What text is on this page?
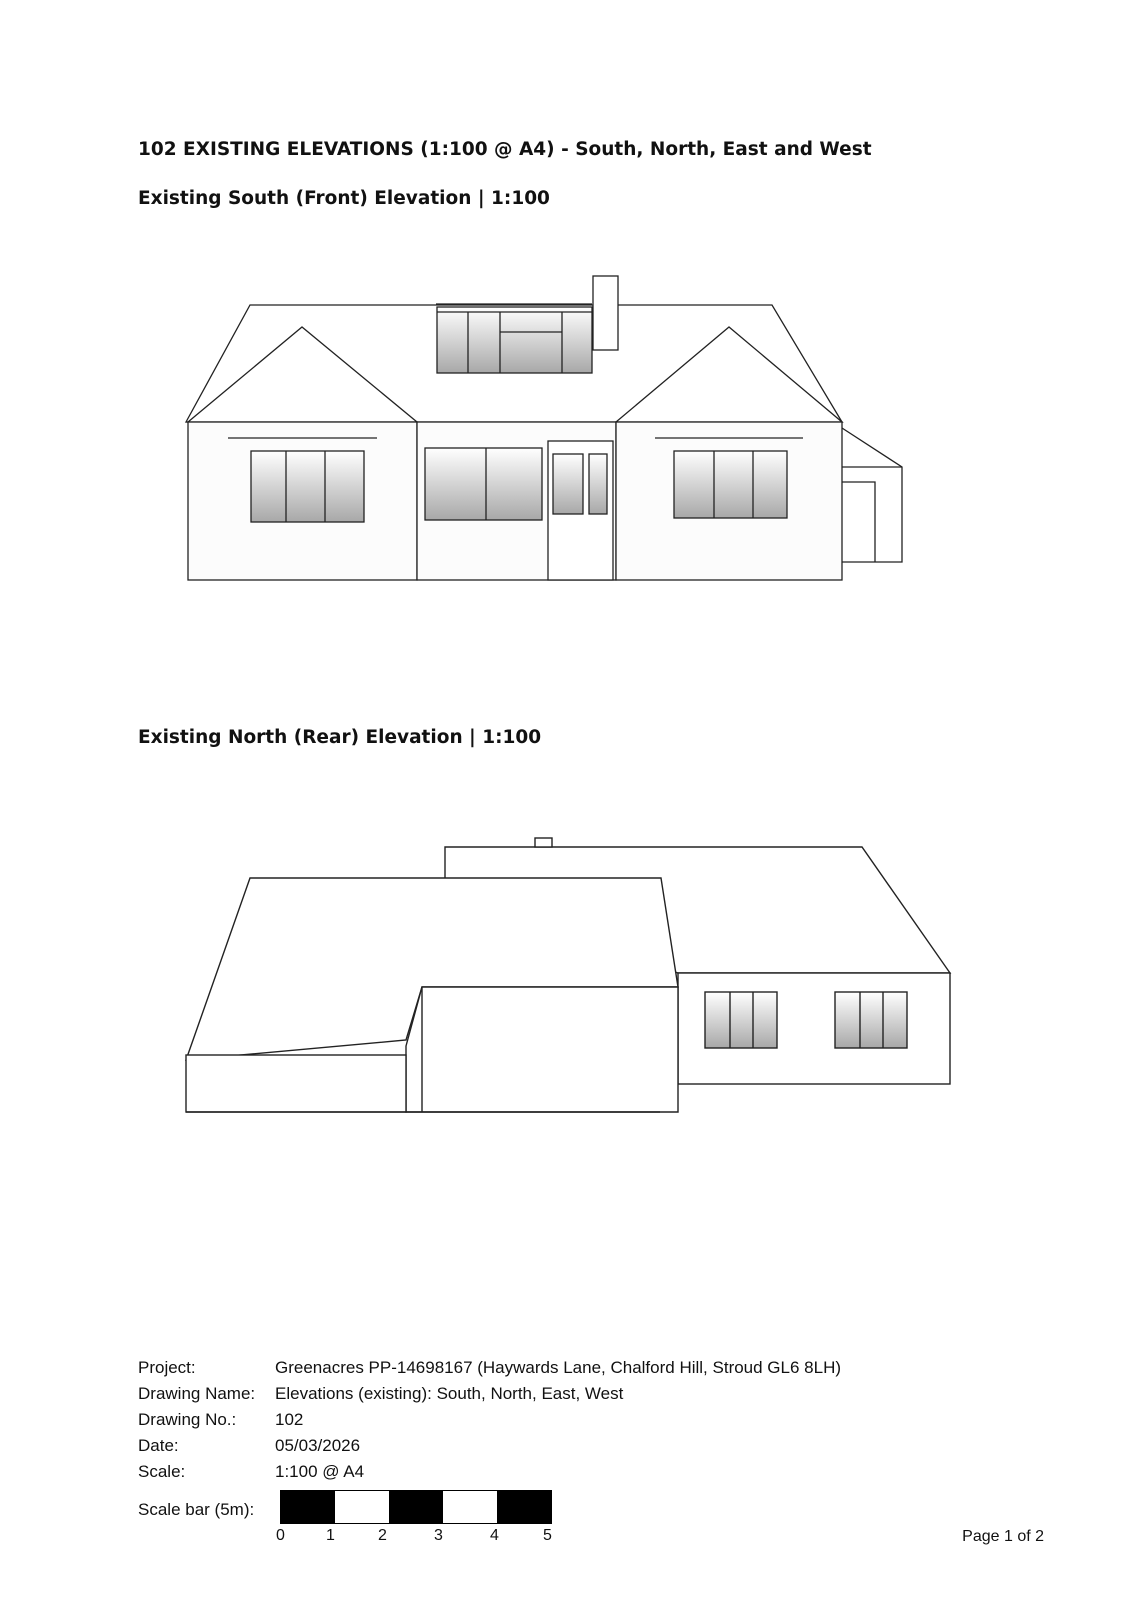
102 EXISTING ELEVATIONS (1:100 @ A4) - South, North, East and West
Existing South (Front) Elevation | 1:100
Existing North (Rear) Elevation | 1:100
Project:	Greenacres PP-14698167 (Haywards Lane, Chalford Hill, Stroud GL6 8LH)
Drawing Name:	Elevations (existing): South, North, East, West
Drawing No.:	102
Date:	05/03/2026
Scale:	1:100 @ A4
Scale bar (5m):
0	1	2	3	4	5	Page 1 of 2
